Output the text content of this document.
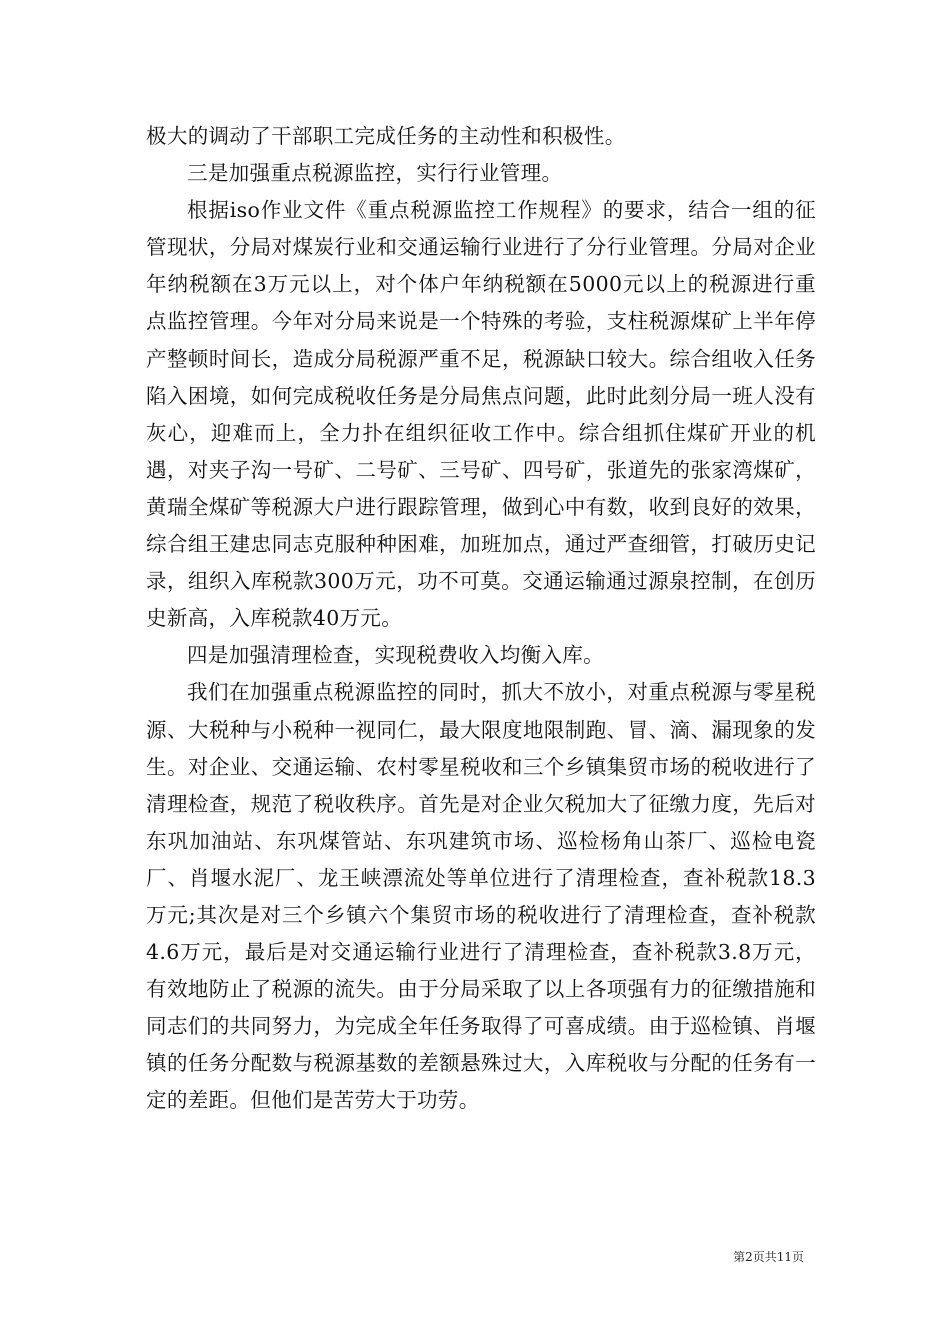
极大的调动了干部职工完成任务的主动性和积极性。

三是加强重点税源监控，实行行业管理。

根据iso作业文件《重点税源监控工作规程》的要求，结合一组的征管现状，分局对煤炭行业和交通运输行业进行了分行业管理。分局对企业年纳税额在3万元以上，对个体户年纳税额在5000元以上的税源进行重点监控管理。今年对分局来说是一个特殊的考验，支柱税源煤矿上半年停产整顿时间长，造成分局税源严重不足，税源缺口较大。综合组收入任务陷入困境，如何完成税收任务是分局焦点问题，此时此刻分局一班人没有灰心，迎难而上，全力扑在组织征收工作中。综合组抓住煤矿开业的机遇，对夹子沟一号矿、二号矿、三号矿、四号矿，张道先的张家湾煤矿，黄瑞全煤矿等税源大户进行跟踪管理，做到心中有数，收到良好的效果，综合组王建忠同志克服种种困难，加班加点，通过严查细管，打破历史记录，组织入库税款300万元，功不可莫。交通运输通过源泉控制，在创历史新高，入库税款40万元。

四是加强清理检查，实现税费收入均衡入库。

我们在加强重点税源监控的同时，抓大不放小，对重点税源与零星税源、大税种与小税种一视同仁，最大限度地限制跑、冒、滴、漏现象的发生。对企业、交通运输、农村零星税收和三个乡镇集贸市场的税收进行了清理检查，规范了税收秩序。首先是对企业欠税加大了征缴力度，先后对东巩加油站、东巩煤管站、东巩建筑市场、巡检杨角山茶厂、巡检电瓷厂、肖堰水泥厂、龙王峡漂流处等单位进行了清理检查，查补税款18.3万元;其次是对三个乡镇六个集贸市场的税收进行了清理检查，查补税款4.6万元，最后是对交通运输行业进行了清理检查，查补税款3.8万元，有效地防止了税源的流失。由于分局采取了以上各项强有力的征缴措施和同志们的共同努力，为完成全年任务取得了可喜成绩。由于巡检镇、肖堰镇的任务分配数与税源基数的差额悬殊过大，入库税收与分配的任务有一定的差距。但他们是苦劳大于功劳。

第2页共11页
